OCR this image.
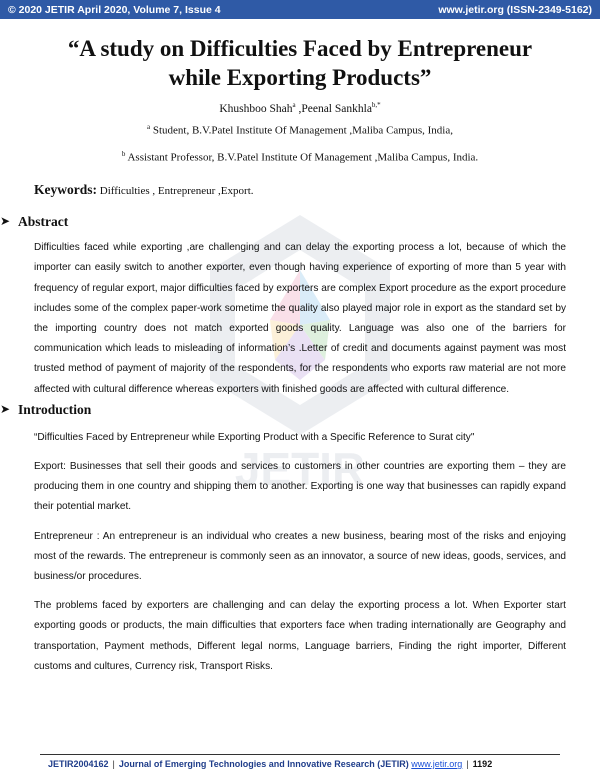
© 2020 JETIR April 2020, Volume 7, Issue 4	www.jetir.org (ISSN-2349-5162)
JETIR
“A study on Difficulties Faced by Entrepreneur
while Exporting Products”
Khushboo Shah$^a$ ,Peenal Sankhla$^{b,*}$
$^a$ Student, B.V.Patel Institute Of Management ,Maliba Campus, India,
$^b$ Assistant Professor, B.V.Patel Institute Of Management ,Maliba Campus, India.
Keywords: Difficulties , Entrepreneur ,Export.
➤ Abstract

Difficulties faced while exporting ,are challenging and can delay the exporting process a lot, because of which the importer can easily switch to another exporter, even though having experience of exporting of more than 5 year with frequency of regular export, major difficulties faced by exporters are complex Export procedure as the export procedure includes some of the complex paper-work sometime the quality also played major role in export as the standard set by the importing country does not match exported goods quality. Language was also one of the barriers for communication which leads to misleading of information’s .Letter of credit and documents against payment was most trusted method of payment of majority of the respondents, for the respondents who exports raw material are not more affected with cultural difference whereas exporters with finished goods are affected with cultural difference.

➤ Introduction

“Difficulties Faced by Entrepreneur while Exporting Product with a Specific Reference to Surat city"

Export: Businesses that sell their goods and services to customers in other countries are exporting them – they are producing them in one country and shipping them to another. Exporting is one way that businesses can rapidly expand their potential market.

Entrepreneur : An entrepreneur is an individual who creates a new business, bearing most of the risks and enjoying most of the rewards. The entrepreneur is commonly seen as an innovator, a source of new ideas, goods, services, and business/or procedures.

The problems faced by exporters are challenging and can delay the exporting process a lot. When Exporter start exporting goods or products, the main difficulties that exporters face when trading internationally are Geography and transportation, Payment methods, Different legal norms, Language barriers, Finding the right importer, Different customs and cultures, Currency risk, Transport Risks.

JETIR2004162 | Journal of Emerging Technologies and Innovative Research (JETIR) www.jetir.org | 1192
